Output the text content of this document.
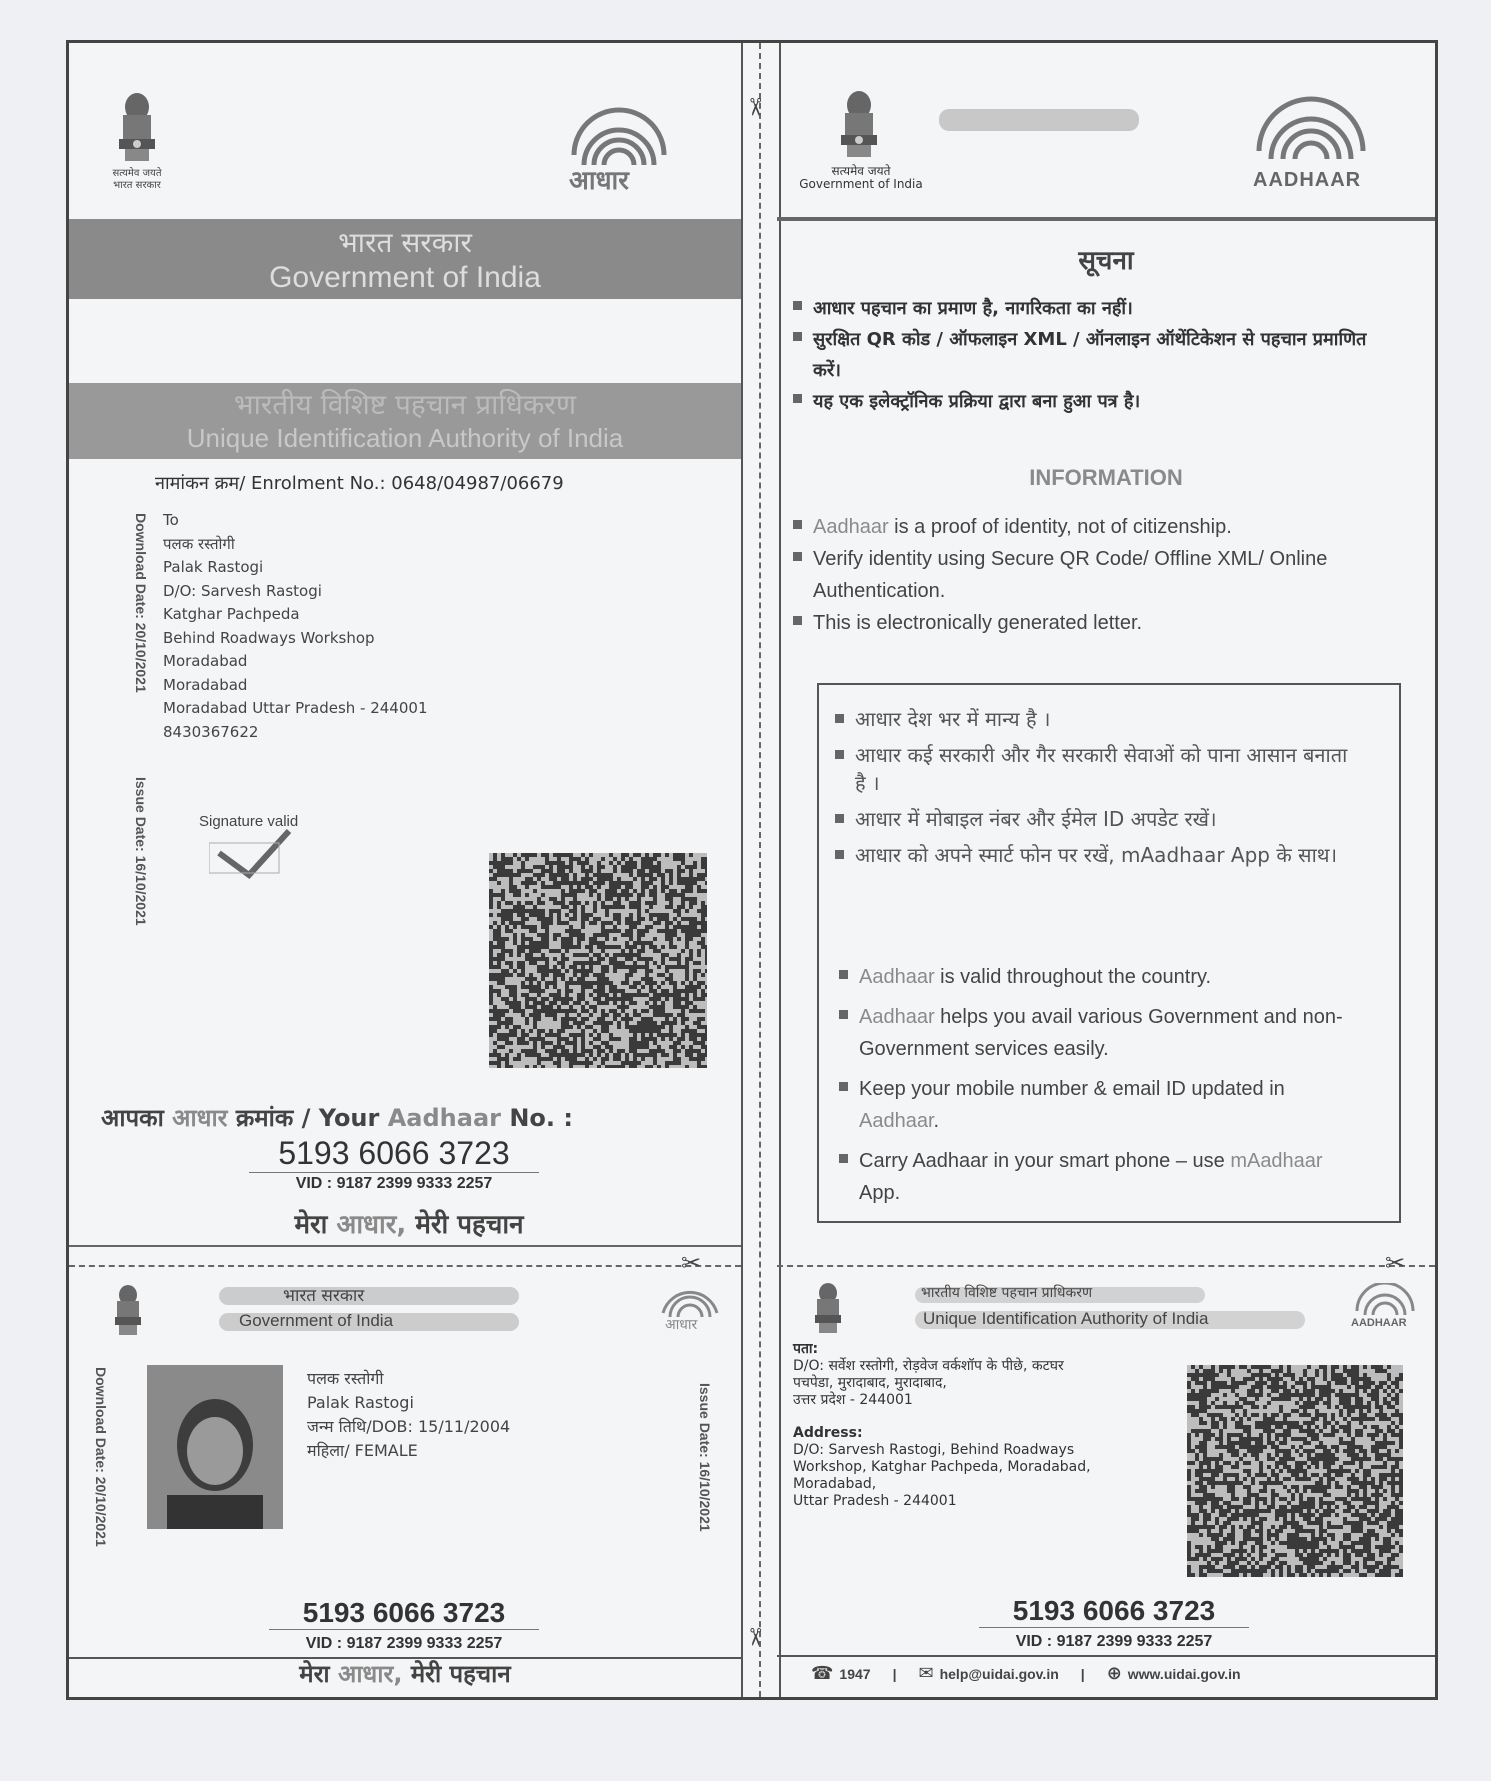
✂
✂
✂	✂
सत्यमेव जयते
भारत सरकार	आधार
भारत सरकार
Government of India
भारतीय विशिष्ट पहचान प्राधिकरण
Unique Identification Authority of India
नामांकन क्रम/ Enrolment No.: 0648/04987/06679
Download Date: 20/10/2021
Issue Date: 16/10/2021
To
पलक रस्तोगी
Palak Rastogi
D/O: Sarvesh Rastogi
Katghar Pachpeda
Behind Roadways Workshop
Moradabad
Moradabad
Moradabad Uttar Pradesh - 244001
8430367622
Signature valid
आपका आधार क्रमांक / Your Aadhaar No. :
5193 6066 3723
VID : 9187 2399 9333 2257
मेरा आधार, मेरी पहचान
सत्यमेव जयते
Government of India	AADHAAR
सूचना
आधार पहचान का प्रमाण है, नागरिकता का नहीं।
सुरक्षित QR कोड / ऑफलाइन XML / ऑनलाइन ऑथेंटिकेशन से पहचान प्रमाणित करें।
यह एक इलेक्ट्रॉनिक प्रक्रिया द्वारा बना हुआ पत्र है।
INFORMATION
Aadhaar is a proof of identity, not of citizenship.
Verify identity using Secure QR Code/ Offline XML/ Online Authentication.
This is electronically generated letter.
आधार देश भर में मान्य है ।
आधार कई सरकारी और गैर सरकारी सेवाओं को पाना आसान बनाता है ।
आधार में मोबाइल नंबर और ईमेल ID अपडेट रखें।
आधार को अपने स्मार्ट फोन पर रखें, mAadhaar App के साथ।
Aadhaar is valid throughout the country.
Aadhaar helps you avail various Government and non-Government services easily.
Keep your mobile number & email ID updated in Aadhaar.
Carry Aadhaar in your smart phone – use mAadhaar App.
भारत सरकार
Government of India	आधार
Download Date: 20/10/2021	Issue Date: 16/10/2021
पलक रस्तोगी
Palak Rastogi
जन्म तिथि/DOB: 15/11/2004
महिला/ FEMALE
5193 6066 3723
VID : 9187 2399 9333 2257
मेरा आधार, मेरी पहचान
भारतीय विशिष्ट पहचान प्राधिकरण
Unique Identification Authority of India	AADHAAR
पता:
D/O: सर्वेश रस्तोगी, रोड़वेज वर्कशॉप के पीछे, कटघर
पचपेडा, मुरादाबाद, मुरादाबाद,
उत्तर प्रदेश - 244001
Address:
D/O: Sarvesh Rastogi, Behind Roadways
Workshop, Katghar Pachpeda, Moradabad,
Moradabad,
Uttar Pradesh - 244001
5193 6066 3723
VID : 9187 2399 9333 2257
☎ 1947 | ✉ help@uidai.gov.in | ⊕ www.uidai.gov.in
